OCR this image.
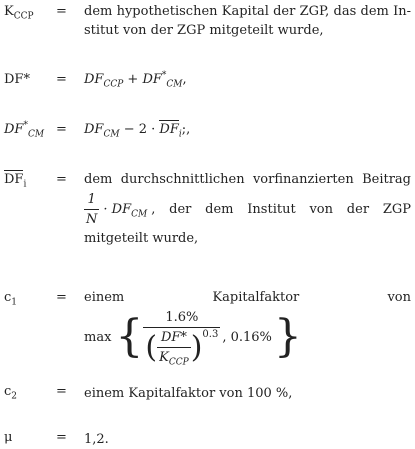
$K_{CCP}$ = dem hypothetischen Kapital der ZGP, das dem In-
stitut von der ZGP mitgeteilt wurde,
$DF* = DF_{CCP} + DF^*_{CM}$,
$DF^*_{CM} = DF_{CM} - 2 \cdot DF_i$;,
$DF_i$ = dem durchschnittlichen vorfinanzierten Beitrag
$\frac{1}{N} \cdot DF_{CM}$ , der dem Institut von der ZGP
mitgeteilt wurde,
$c_1$	= einem	Kapitalfaktor	von
max {	1.6%
( $\frac{DF*}{K_{CCP}} )^{0.3}$ , 0.16% }
$c_2$	= einem Kapitalfaktor von 100 %,
μ	= 1,2.
